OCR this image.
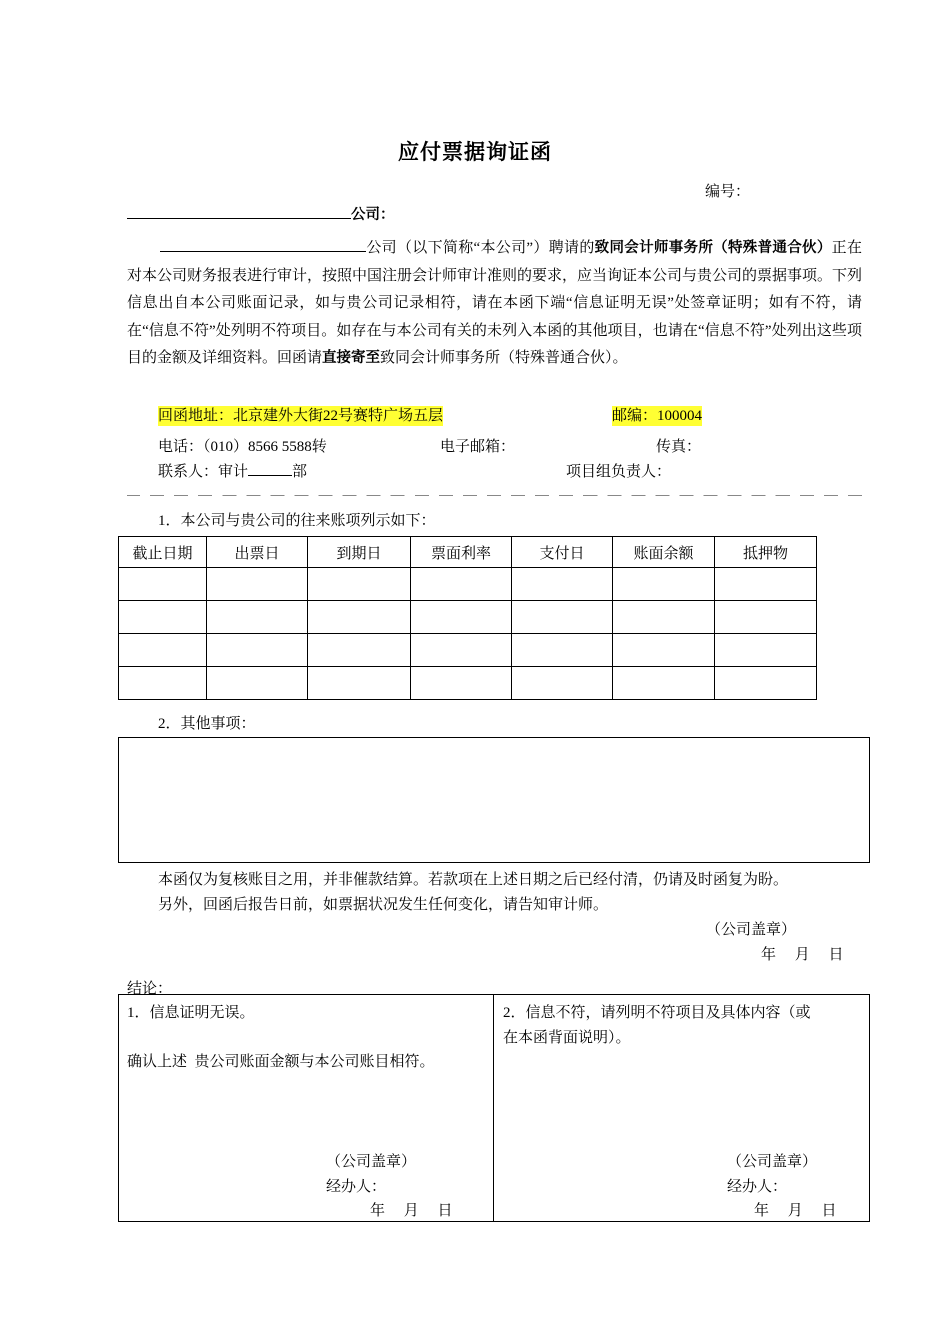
应付票据询证函
编号：
公司：
公司（以下简称“本公司”）聘请的致同会计师事务所（特殊普通合伙）正在对本公司财务报表进行审计，按照中国注册会计师审计准则的要求，应当询证本公司与贵公司的票据事项。下列信息出自本公司账面记录，如与贵公司记录相符，请在本函下端“信息证明无误”处签章证明；如有不符，请在“信息不符”处列明不符项目。如存在与本公司有关的未列入本函的其他项目，也请在“信息不符”处列出这些项目的金额及详细资料。回函请直接寄至致同会计师事务所（特殊普通合伙）。
回函地址：北京建外大街22号赛特广场五层	邮编：100004
电话：（010）8566 5588转	电子邮箱：	传真：
联系人：审计	部	项目组负责人：
1．本公司与贵公司的往来账项列示如下：
截止日期	出票日	到期日	票面利率	支付日	账面余额	抵押物

2．其他事项：
本函仅为复核账目之用，并非催款结算。若款项在上述日期之后已经付清，仍请及时函复为盼。
另外，回函后报告日前，如票据状况发生任何变化，请告知审计师。
（公司盖章）
年     月     日
结论：
1．信息证明无误。
确认上述  贵公司账面金额与本公司账目相符。
（公司盖章）
经办人：
年     月     日
2．信息不符，请列明不符项目及具体内容（或
在本函背面说明）。
（公司盖章）
经办人：
年     月     日
